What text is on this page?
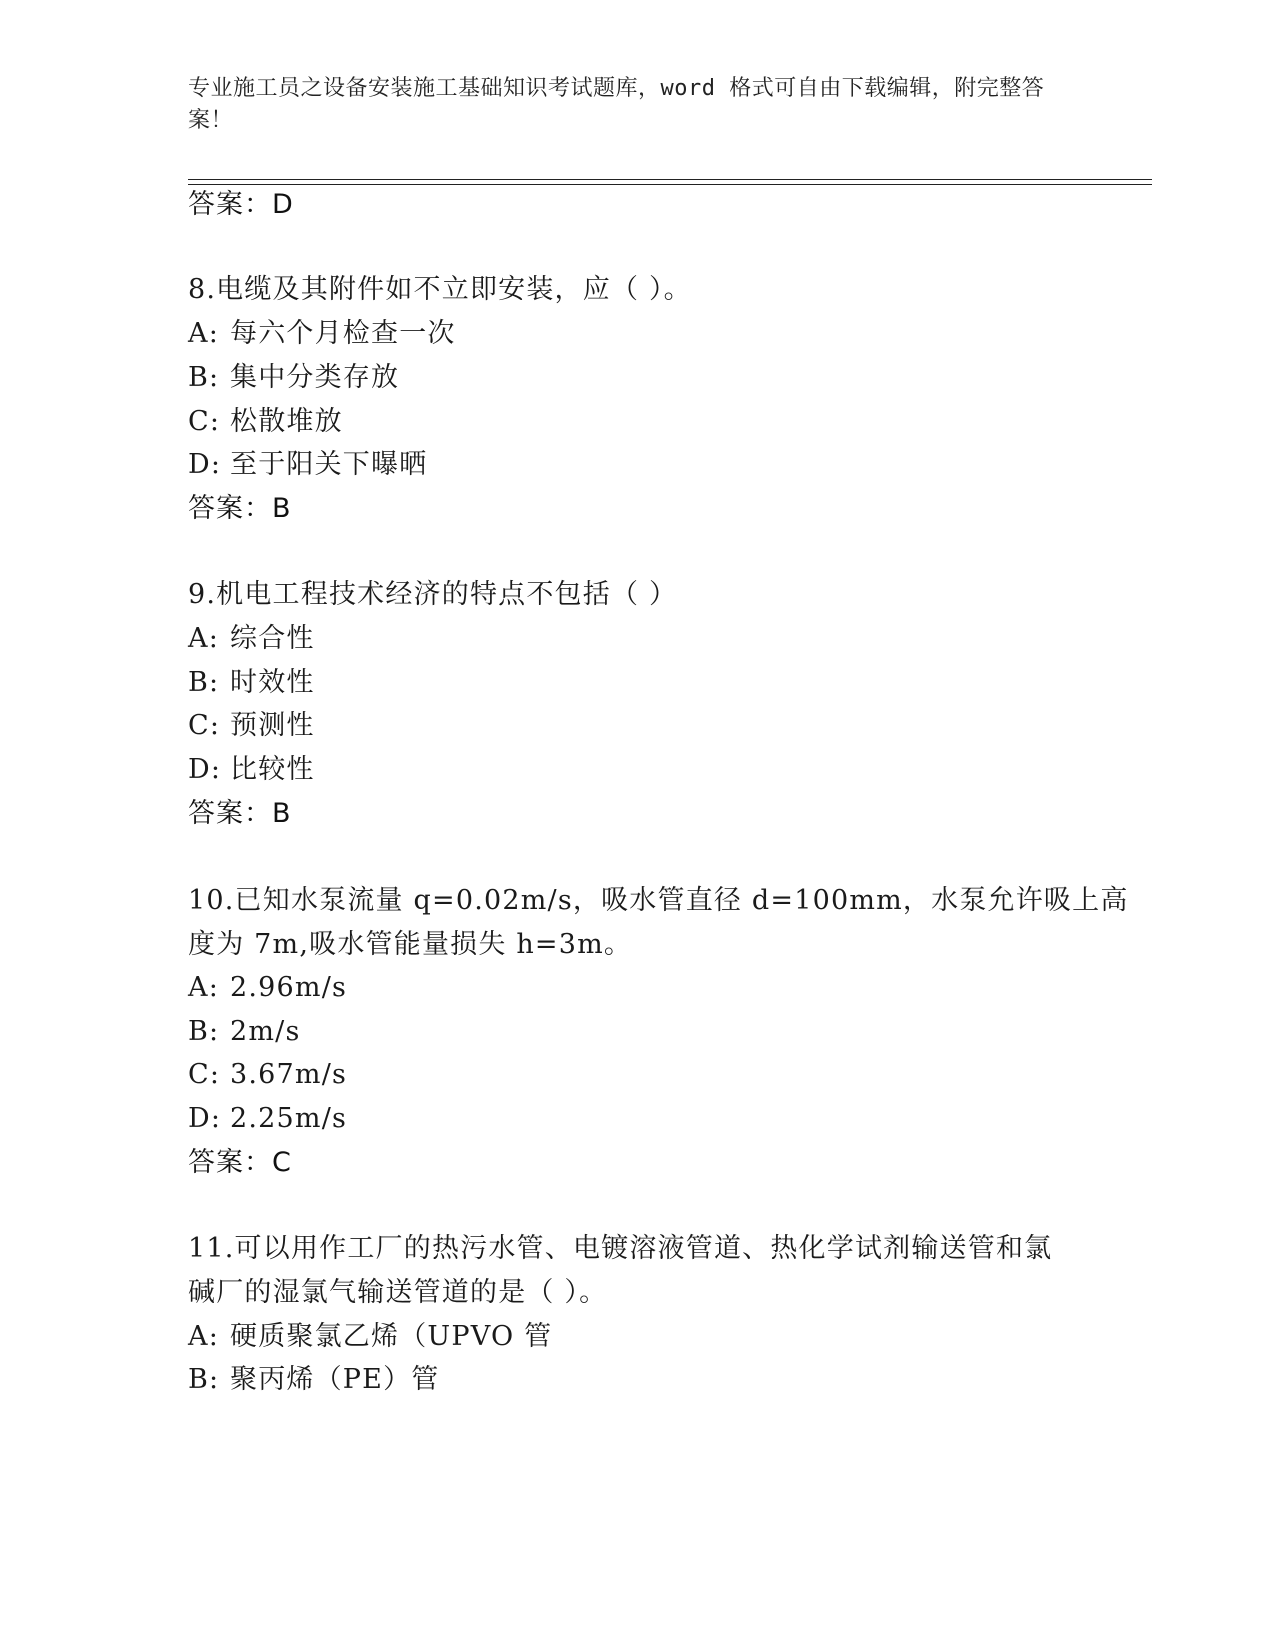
专业施工员之设备安装施工基础知识考试题库，word 格式可自由下载编辑，附完整答案！
答案：D
8.电缆及其附件如不立即安装，应（ ）。
A: 每六个月检查一次
B: 集中分类存放
C: 松散堆放
D: 至于阳关下曝晒
答案：B
9.机电工程技术经济的特点不包括（ ）
A: 综合性
B: 时效性
C: 预测性
D: 比较性
答案：B
10.已知水泵流量 q=0.02m/s，吸水管直径 d=100mm，水泵允许吸上高
度为 7m,吸水管能量损失 h=3m。
A: 2.96m/s
B: 2m/s
C: 3.67m/s
D: 2.25m/s
答案：C
11.可以用作工厂的热污水管、电镀溶液管道、热化学试剂输送管和氯
碱厂的湿氯气输送管道的是（ ）。
A: 硬质聚氯乙烯（UPVO 管
B: 聚丙烯（PE）管
